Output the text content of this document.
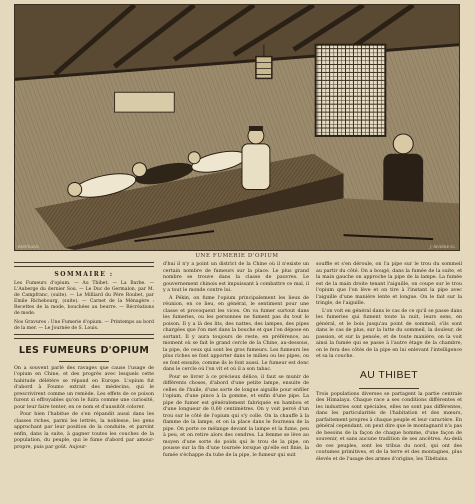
BERTRAND	J. RIVIÈRE SC.
UNE FUMERIE D'OPIUM
SOMMAIRE :

Les Fumeurs d'opium. — Au Thibet. — La Barbe. — L'Auberge du dernier Sou. — Le Duc de Germalon, par M. de Campfranc, (suite). — Le Milliard du Père Roubet, par Emile Richebourg, (suite). — Carnet de la Ménagère : Recettes de la mode, bouchées au beurre. — Récréations de mode.

Nos Gravures : Une Fumerie d'opium. — Printemps au bord de la mer. — Le Journée de S. Louis.

LES FUMEURS D'OPIUM

On a souvent parlé des ravages que cause l'usage de l'opium en Chine, et des progrès avec lesquels cette habitude délétère se répand en Europe. L'opium fut d'abord à Foumo extrait des médecins, qui le prescrivirent comme un remède. Les effets de ce poison furent si effroyables qu'on le fuira comme une curiosité, pour leur faire tenter, en ce nom et d'aussitôt colorer.

Pour bien l'habitue de s'en répandit aussi dans les classes riches, parmi les lettrés, la noblesse, les gens approchant par leur position de la conduite, et parvint enfin, dans la suite, à gagner toutes les couches de la population, du peuple, qui le fume d'abord par amour-propre, puis par goût. Aujour-

d'hui il n'y a point un district de la Chine où il n'existe un certain nombre de fumeurs sur la place. Le plus grand nombre se trouve dans la classe de pauvres. Le gouvernement chinois est impuissant à combattre ce mal, il y a tout le monde contre lui.

À Pékin, on fume l'opium principalement les lieux de réunion, en ce lieu, en général, le sentiment pour une classe et provoquent les vices. On va fumer surtout dans les fumeries, ou les personnes ne fument pas du tout le poison. Il y a là des lits, des nattes, des lampes, des pipes chargées que l'on met dans la bouche et que l'on dépose en sortant. Il y aura toujours de reste, en préférence, au moment où se fait le grand cercle de la Chine, au-dessous, la pipe, de ceux qui sont les gros fumeurs. Les fumeurs les plus riches se font apporter dans le milieu ou les pipes, ou se font ensuite, comme ils le font aussi. Le fumeur est donc dans le cercle où l'on vit et où il a son tabac.

Pour se livrer à ce précieux délice, il faut se munir de différents choses, d'abord d'une petite lampe, ensuite de celles de l'huile, d'une sorte de longue aiguille pour enfiler l'opium, d'une pince à la gomme, et enfin d'une pipe. La pipe de fumer est généralement fabriquée en bambou et d'une longueur de 0,60 centimètres. On y voit percé d'un trou sur le côté de l'opium qui s'y colle. On la chauffe à la flamme de la lampe, et on la place dans le fourneau de la pipe. On porte ce mélange devant la lampe et la fume, peu à peu, et on retire alors des cendres. La femme se lève au moyen d'une sorte de poids qui le trou de la pipe, on pousse sur la fin d'une tournée lorsque qu'elle est finie, la fumée s'échappe du tube de la pipe, le fumeur qui suit

souffle et s'en déroule, on l'a pipe sur le trou du sommeil au partir du côté. On a bougé, dans la fumée de la suite, et la main gauche on approche la pipe de la lampe. La fumée est de la main droite tenant l'aiguille, on coupe sur le trou l'opium que l'on lève et on tire à l'instant la pipe avec l'aiguille d'une manière lente et longue. On le fait sur la tringle, de l'aiguille.

L'on voit en général dans le cas de ce qu'il se passe dans les fumeries qui fument toute la nuit, leurs sens, en général, et le bois jusqu'au point de sommeil, s'ils sont dans le cas de plus, sur la lutte du sommeil, la douleur, de passion, et sur la pensée, et de toute manière, on la voit ainsi la fumée qui se passe à l'autre étage de la chambre, on le fera des côtés de la pipe en lui enlevant l'intelligence et sa la couche.

AU THIBET

Trois populations diverses se partagent la partie centrale des Himalaya. Chaque race a ses conditions différentes et les industries sont spéciales, elles ne sont pas différentes, dans les particularités de l'habitation et des mœurs, parfaitement propres à chaque peuple et leur caractère. En général cependant, on peut dire que le montagnard n'a pas de besoins de la façon de chaque homme, d'une façon de souvenir, et sans aucune tradition de ses ancêtres. Au-delà de ces peuples, sont les tribus du nord, qui ont des coutumes primitives, et de la terre et des montagnes, plus élevés et de l'usage des armes d'origine, les Tibétains.
